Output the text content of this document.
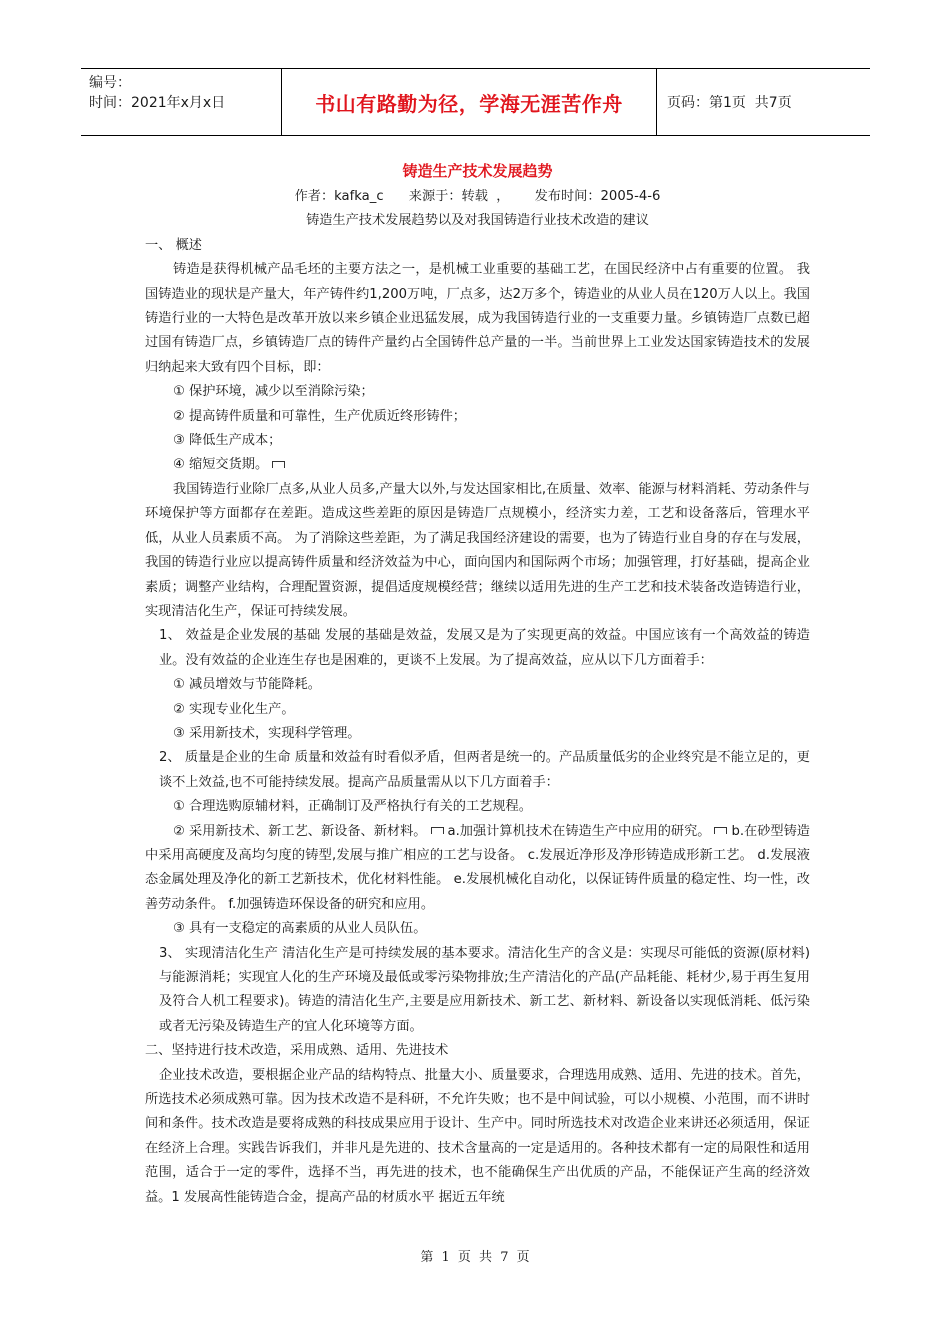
编号：
时间：2021年x月x日	书山有路勤为径，学海无涯苦作舟	页码：第1页  共7页

铸造生产技术发展趋势

作者：kafka_c      来源于：转载  ，      发布时间：2005-4-6

铸造生产技术发展趋势以及对我国铸造行业技术改造的建议

一、 概述

铸造是获得机械产品毛坯的主要方法之一，是机械工业重要的基础工艺，在国民经济中占有重要的位置。 我国铸造业的现状是产量大，年产铸件约1,200万吨，厂点多，达2万多个，铸造业的从业人员在120万人以上。我国铸造行业的一大特色是改革开放以来乡镇企业迅猛发展，成为我国铸造行业的一支重要力量。乡镇铸造厂点数已超过国有铸造厂点，乡镇铸造厂点的铸件产量约占全国铸件总产量的一半。当前世界上工业发达国家铸造技术的发展归纳起来大致有四个目标，即：

① 保护环境，减少以至消除污染；

② 提高铸件质量和可靠性，生产优质近终形铸件；

③ 降低生产成本；

④ 缩短交货期。

我国铸造行业除厂点多,从业人员多,产量大以外,与发达国家相比,在质量、效率、能源与材料消耗、劳动条件与环境保护等方面都存在差距。造成这些差距的原因是铸造厂点规模小，经济实力差，工艺和设备落后，管理水平低，从业人员素质不高。 为了消除这些差距，为了满足我国经济建设的需要，也为了铸造行业自身的存在与发展，我国的铸造行业应以提高铸件质量和经济效益为中心，面向国内和国际两个市场；加强管理，打好基础，提高企业素质；调整产业结构，合理配置资源，提倡适度规模经营；继续以适用先进的生产工艺和技术装备改造铸造行业，实现清洁化生产，保证可持续发展。

1、 效益是企业发展的基础 发展的基础是效益，发展又是为了实现更高的效益。中国应该有一个高效益的铸造业。没有效益的企业连生存也是困难的，更谈不上发展。为了提高效益，应从以下几方面着手：

① 减员增效与节能降耗。

② 实现专业化生产。

③ 采用新技术，实现科学管理。

2、 质量是企业的生命 质量和效益有时看似矛盾，但两者是统一的。产品质量低劣的企业终究是不能立足的，更谈不上效益,也不可能持续发展。提高产品质量需从以下几方面着手：

① 合理选购原辅材料，正确制订及严格执行有关的工艺规程。

② 采用新技术、新工艺、新设备、新材料。 a.加强计算机技术在铸造生产中应用的研究。 b.在砂型铸造中采用高硬度及高均匀度的铸型,发展与推广相应的工艺与设备。 c.发展近净形及净形铸造成形新工艺。 d.发展液态金属处理及净化的新工艺新技术，优化材料性能。 e.发展机械化自动化，以保证铸件质量的稳定性、均一性，改善劳动条件。 f.加强铸造环保设备的研究和应用。

③ 具有一支稳定的高素质的从业人员队伍。

3、 实现清洁化生产 清洁化生产是可持续发展的基本要求。清洁化生产的含义是：实现尽可能低的资源(原材料)与能源消耗；实现宜人化的生产环境及最低或零污染物排放;生产清洁化的产品(产品耗能、耗材少,易于再生复用及符合人机工程要求)。铸造的清洁化生产,主要是应用新技术、新工艺、新材料、新设备以实现低消耗、低污染或者无污染及铸造生产的宜人化环境等方面。

二、坚持进行技术改造，采用成熟、适用、先进技术

企业技术改造，要根据企业产品的结构特点、批量大小、质量要求，合理选用成熟、适用、先进的技术。首先，所选技术必须成熟可靠。因为技术改造不是科研，不允许失败；也不是中间试验，可以小规模、小范围，而不讲时间和条件。技术改造是要将成熟的科技成果应用于设计、生产中。同时所选技术对改造企业来讲还必须适用，保证在经济上合理。实践告诉我们，并非凡是先进的、技术含量高的一定是适用的。各种技术都有一定的局限性和适用范围，适合于一定的零件，选择不当，再先进的技术，也不能确保生产出优质的产品，不能保证产生高的经济效益。1 发展高性能铸造合金，提高产品的材质水平 据近五年统

第 1 页 共 7 页
